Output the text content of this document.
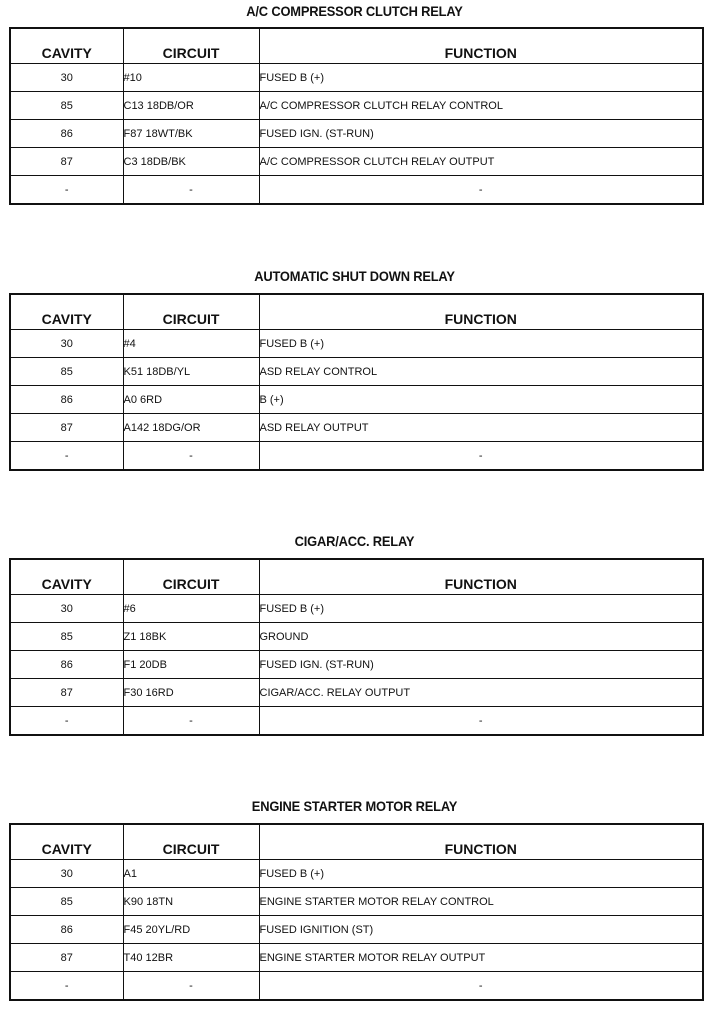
A/C COMPRESSOR CLUTCH RELAY
CAVITY	CIRCUIT	FUNCTION
30	#10	FUSED B (+)
85	C13 18DB/OR	A/C COMPRESSOR CLUTCH RELAY CONTROL
86	F87 18WT/BK	FUSED IGN. (ST-RUN)
87	C3 18DB/BK	A/C COMPRESSOR CLUTCH RELAY OUTPUT
-	-	-
AUTOMATIC SHUT DOWN RELAY
CAVITY	CIRCUIT	FUNCTION
30	#4	FUSED B (+)
85	K51 18DB/YL	ASD RELAY CONTROL
86	A0 6RD	B (+)
87	A142 18DG/OR	ASD RELAY OUTPUT
-	-	-
CIGAR/ACC. RELAY
CAVITY	CIRCUIT	FUNCTION
30	#6	FUSED B (+)
85	Z1 18BK	GROUND
86	F1 20DB	FUSED IGN. (ST-RUN)
87	F30 16RD	CIGAR/ACC. RELAY OUTPUT
-	-	-
ENGINE STARTER MOTOR RELAY
CAVITY	CIRCUIT	FUNCTION
30	A1	FUSED B (+)
85	K90 18TN	ENGINE STARTER MOTOR RELAY CONTROL
86	F45 20YL/RD	FUSED IGNITION (ST)
87	T40 12BR	ENGINE STARTER MOTOR RELAY OUTPUT
-	-	-
